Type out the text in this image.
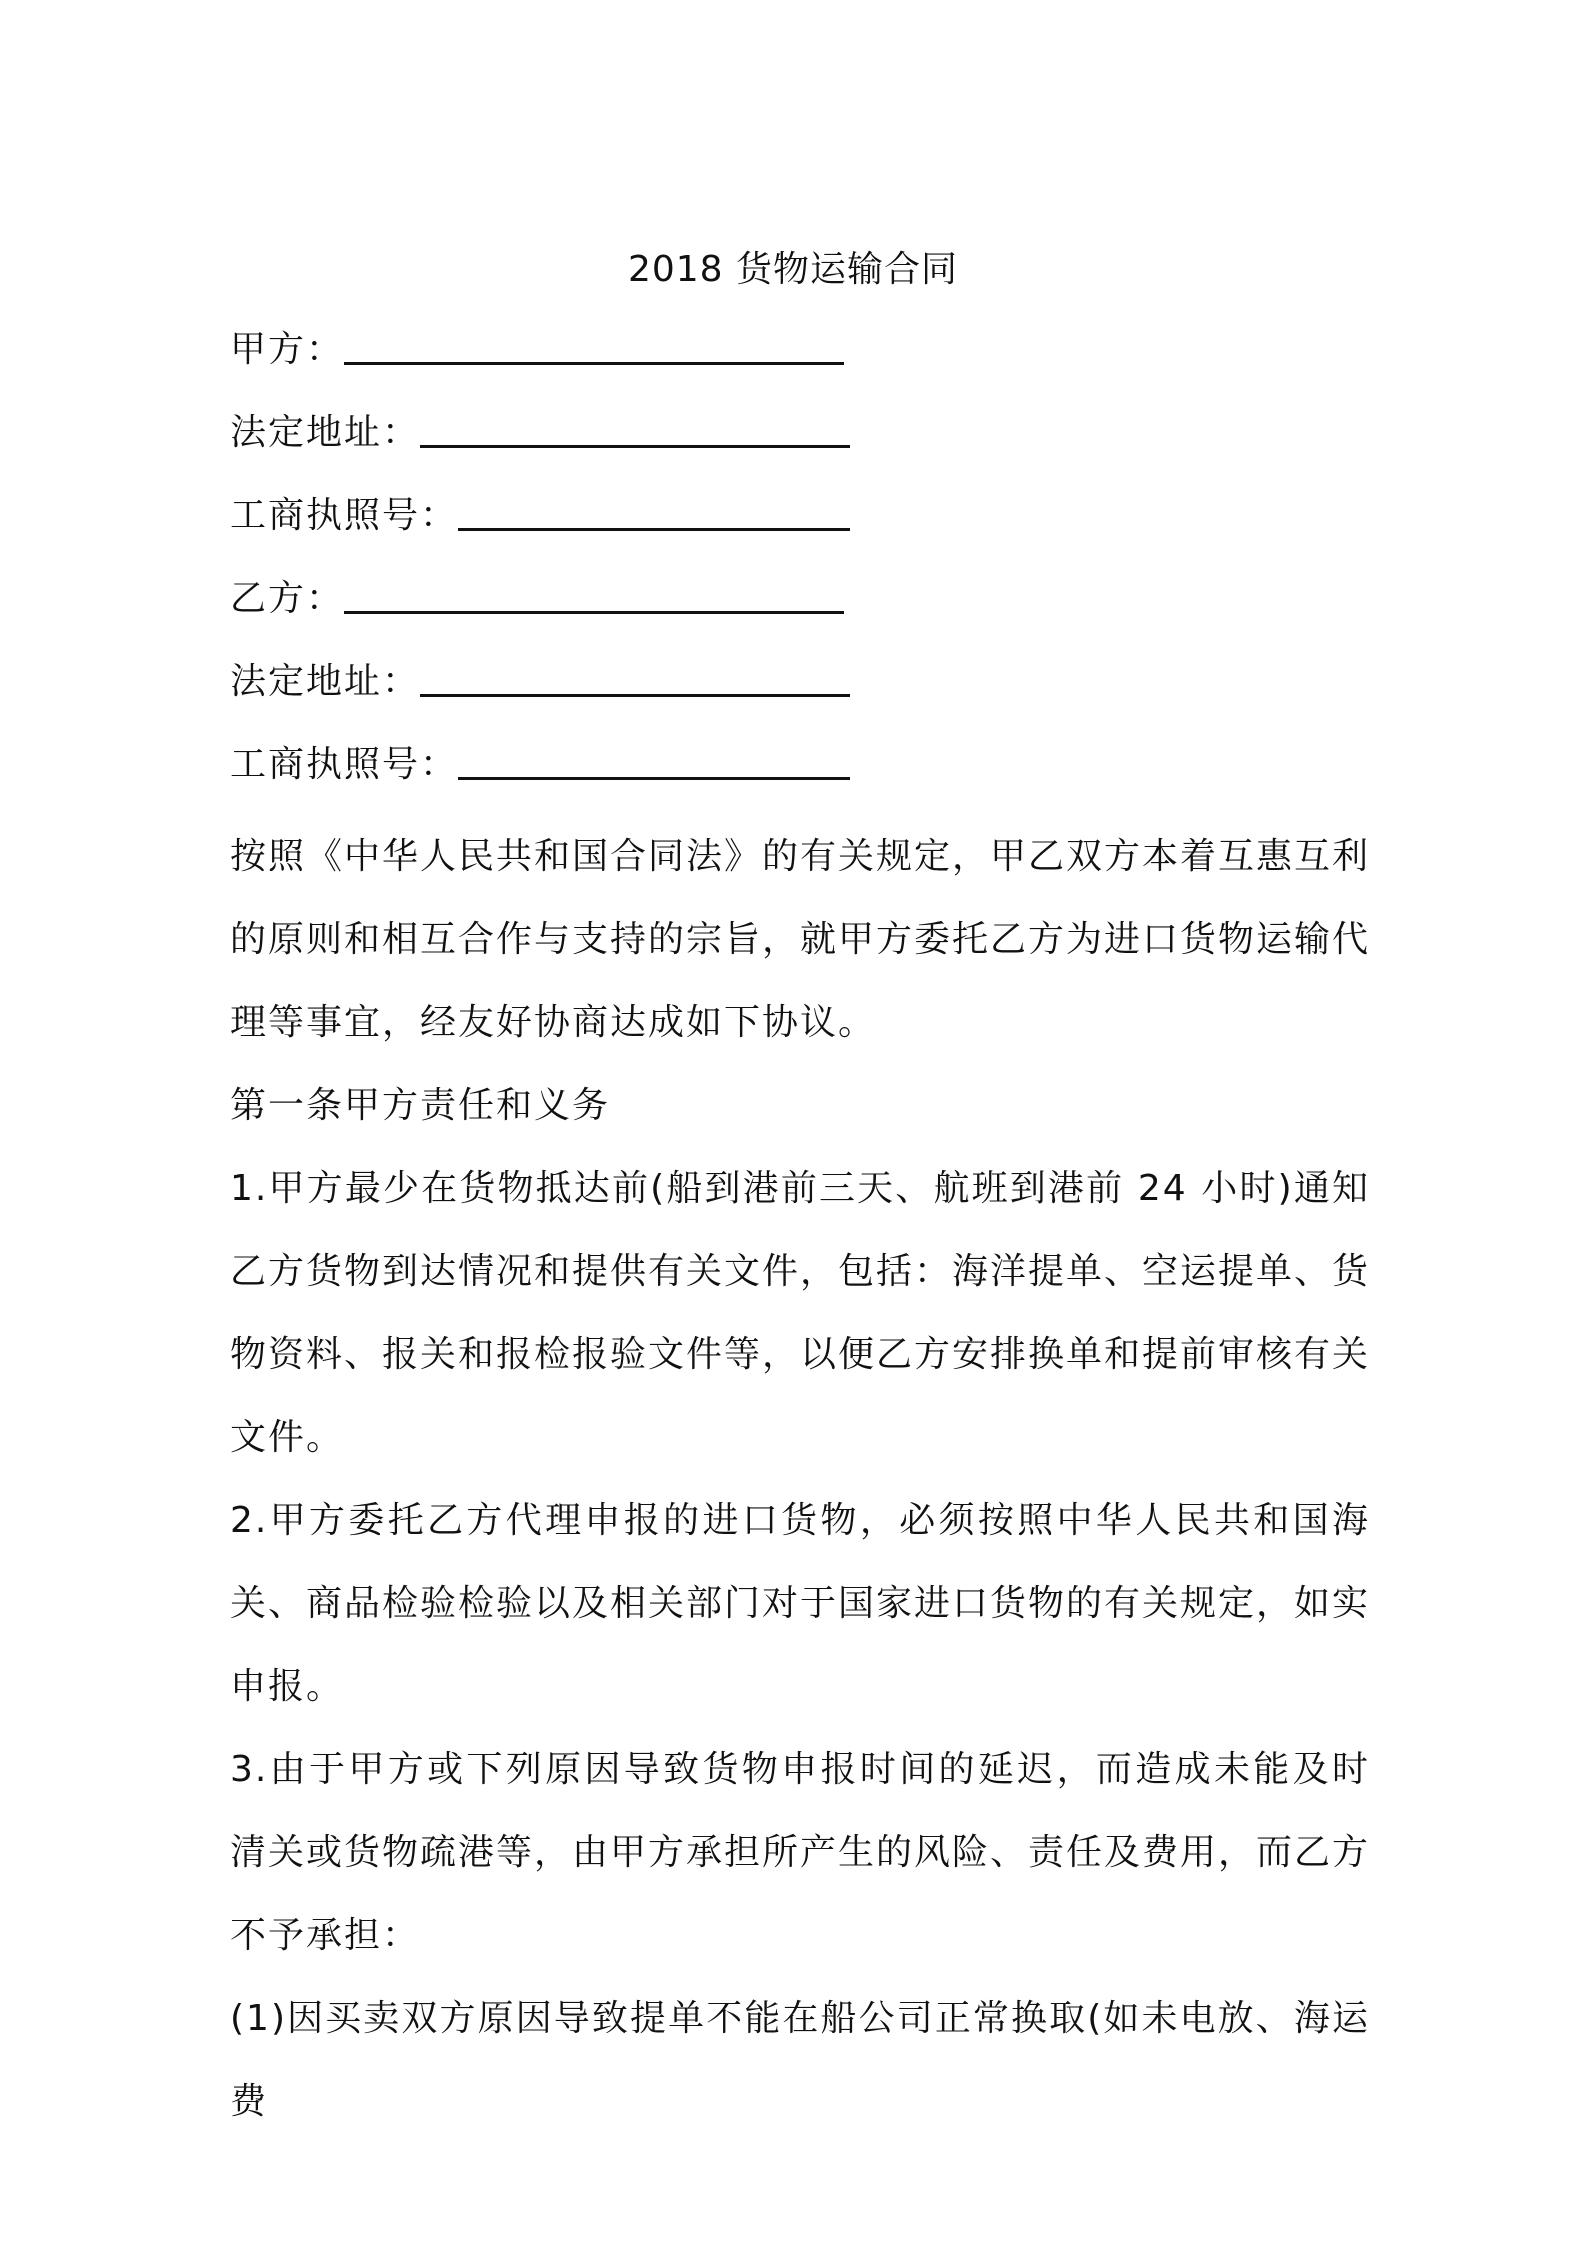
2018 货物运输合同
甲方：
法定地址：
工商执照号：
乙方：
法定地址：
工商执照号：

按照《中华人民共和国合同法》的有关规定，甲乙双方本着互惠互利的原则和相互合作与支持的宗旨，就甲方委托乙方为进口货物运输代理等事宜，经友好协商达成如下协议。

第一条甲方责任和义务

1.甲方最少在货物抵达前(船到港前三天、航班到港前 24 小时)通知乙方货物到达情况和提供有关文件，包括：海洋提单、空运提单、货物资料、报关和报检报验文件等，以便乙方安排换单和提前审核有关文件。

2.甲方委托乙方代理申报的进口货物，必须按照中华人民共和国海关、商品检验检验以及相关部门对于国家进口货物的有关规定，如实申报。

3.由于甲方或下列原因导致货物申报时间的延迟，而造成未能及时清关或货物疏港等，由甲方承担所产生的风险、责任及费用，而乙方不予承担：

(1)因买卖双方原因导致提单不能在船公司正常换取(如未电放、海运费
